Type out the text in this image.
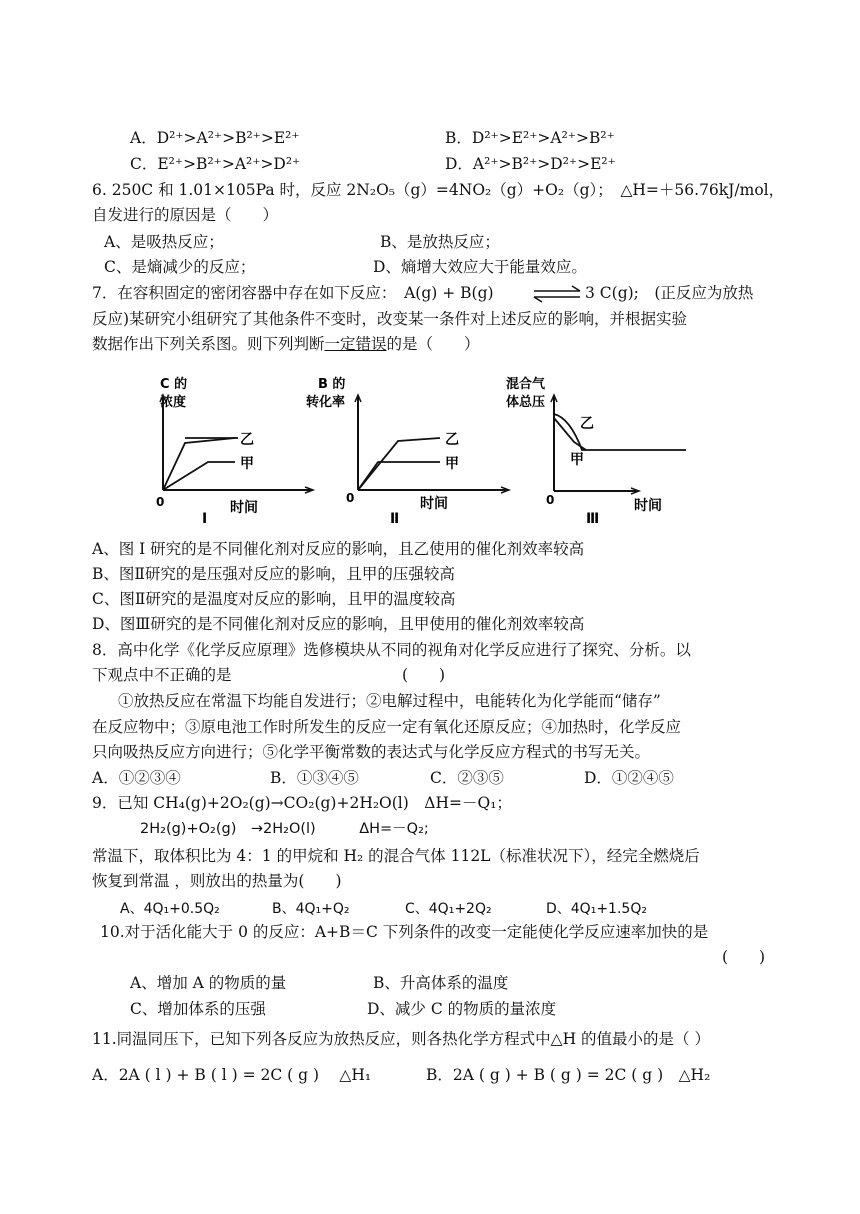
A．D²⁺>A²⁺>B²⁺>E²⁺	B．D²⁺>E²⁺>A²⁺>B²⁺
C．E²⁺>B²⁺>A²⁺>D²⁺	D．A²⁺>B²⁺>D²⁺>E²⁺
6. 250C 和 1.01×105Pa 时，反应 2N₂O₅（g）=4NO₂（g）+O₂（g）；　△H=＋56.76kJ/mol，
自发进行的原因是（　　）
A、是吸热反应；	B、是放热反应；
C、是熵减少的反应；	D、熵增大效应大于能量效应。
7．在容积固定的密闭容器中存在如下反应：　A(g) + B(g) ⇌ 3 C(g);　(正反应为放热
反应)某研究小组研究了其他条件不变时，改变某一条件对上述反应的影响，并根据实验
数据作出下列关系图。则下列判断一定错误的是（　　）
C 的
浓度
乙
甲
0	时间
I
B 的
转化率
乙
甲
0	时间
Ⅱ
混合气
体总压
乙
甲
0	时间
Ⅲ
A、图 I 研究的是不同催化剂对反应的影响，且乙使用的催化剂效率较高
B、图Ⅱ研究的是压强对反应的影响，且甲的压强较高
C、图Ⅱ研究的是温度对反应的影响，且甲的温度较高
D、图Ⅲ研究的是不同催化剂对反应的影响，且甲使用的催化剂效率较高
8．高中化学《化学反应原理》选修模块从不同的视角对化学反应进行了探究、分析。以
下观点中不正确的是　　　　　　　　　　　(　　)
①放热反应在常温下均能自发进行；②电解过程中，电能转化为化学能而“储存”
在反应物中；③原电池工作时所发生的反应一定有氧化还原反应；④加热时，化学反应
只向吸热反应方向进行；⑤化学平衡常数的表达式与化学反应方程式的书写无关。
A．①②③④	B．①③④⑤	C．②③⑤	D．①②④⑤
9．已知 CH₄(g)+2O₂(g)→CO₂(g)+2H₂O(l)　ΔH=－Q₁；
2H₂(g)+O₂(g)　→2H₂O(l)　　　ΔH=－Q₂;
常温下，取体积比为 4：1 的甲烷和 H₂ 的混合气体 112L（标准状况下），经完全燃烧后
恢复到常温 ，则放出的热量为(　　)
A、4Q₁+0.5Q₂	B、4Q₁+Q₂	C、4Q₁+2Q₂	D、4Q₁+1.5Q₂
10.对于活化能大于 0 的反应：A+B＝C 下列条件的改变一定能使化学反应速率加快的是
(　　)
A、增加 A 的物质的量	B、升高体系的温度
C、增加体系的压强	D、减少 C 的物质的量浓度
11.同温同压下，已知下列各反应为放热反应，则各热化学方程式中△H 的值最小的是（ ）
A．2A ( l ) + B ( l ) = 2C ( g )　 △H₁	B．2A ( g ) + B ( g ) = 2C ( g )　△H₂
